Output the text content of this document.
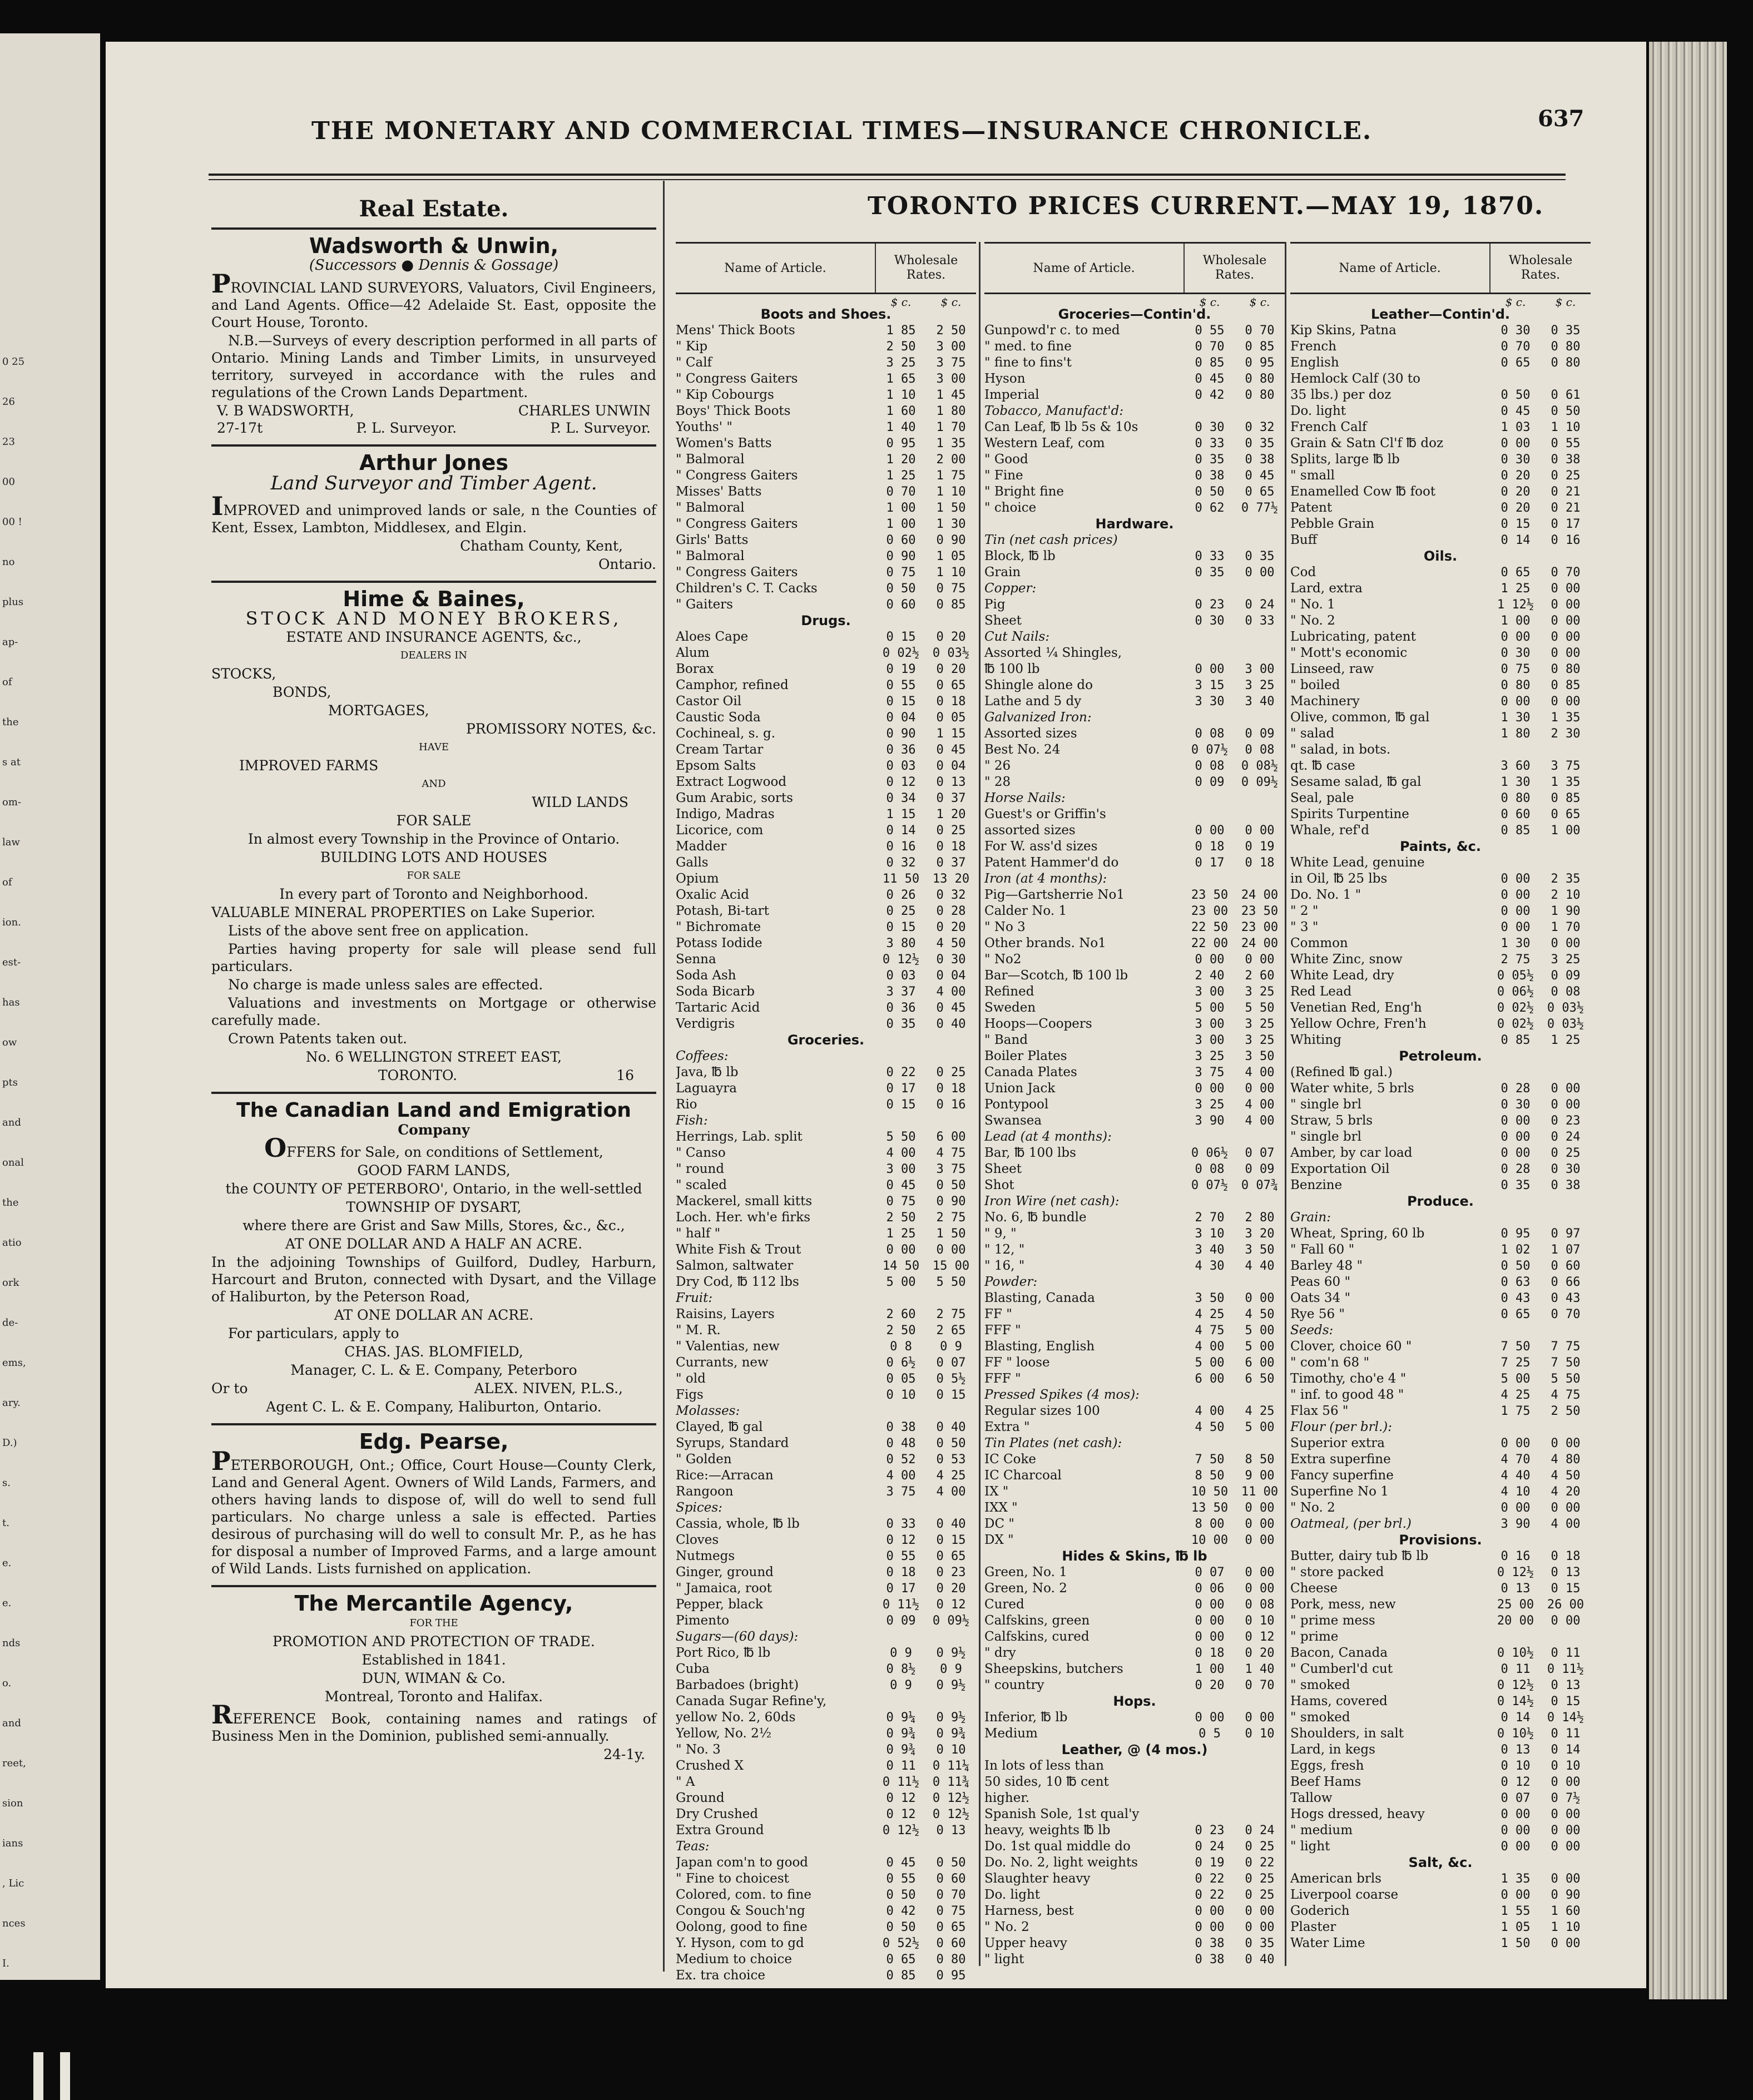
0 25
26
23
00
00 !
no
plus
ap-
of
the
s at
om-
law
of
ion.
est-
has
ow
pts
and
onal
the
atio
ork
de-
ems,
ary.
D.)
s.
t.
e.
e.
nds
o.
and
reet,
sion
ians
, Lic
nces
I.
THE MONETARY AND COMMERCIAL TIMES—INSURANCE CHRONICLE.	637
Real Estate.
Wadsworth & Unwin,
(Successors ● Dennis & Gossage)
PROVINCIAL LAND SURVEYORS, Valuators, Civil Engineers, and Land Agents. Office—42 Adelaide St. East, opposite the Court House, Toronto.
N.B.—Surveys of every description performed in all parts of Ontario. Mining Lands and Timber Limits, in unsurveyed territory, surveyed in accordance with the rules and regulations of the Crown Lands Department.
V. B WADSWORTH,	CHARLES UNWIN
27-17t	P. L. Surveyor.	P. L. Surveyor.
Arthur Jones
Land Surveyor and Timber Agent.
IMPROVED and unimproved lands or sale, n the Counties of Kent, Essex, Lambton, Middlesex, and Elgin.
Chatham County, Kent,
Ontario.
Hime & Baines,
STOCK AND MONEY BROKERS,
ESTATE AND INSURANCE AGENTS, &c.,
DEALERS IN
STOCKS,
BONDS,
MORTGAGES,
PROMISSORY NOTES, &c.
HAVE
IMPROVED FARMS
AND
WILD LANDS
FOR SALE
In almost every Township in the Province of Ontario.
BUILDING LOTS AND HOUSES
FOR SALE
In every part of Toronto and Neighborhood.
VALUABLE MINERAL PROPERTIES on Lake Superior.
Lists of the above sent free on application.
Parties having property for sale will please send full particulars.
No charge is made unless sales are effected.
Valuations and investments on Mortgage or otherwise carefully made.
Crown Patents taken out.
No. 6 WELLINGTON STREET EAST,
TORONTO.	16
The Canadian Land and Emigration
Company
OFFERS for Sale, on conditions of Settlement,
GOOD FARM LANDS,
the COUNTY OF PETERBORO', Ontario, in the well-settled
TOWNSHIP OF DYSART,
where there are Grist and Saw Mills, Stores, &c., &c.,
AT ONE DOLLAR AND A HALF AN ACRE.
In the adjoining Townships of Guilford, Dudley, Harburn, Harcourt and Bruton, connected with Dysart, and the Village of Haliburton, by the Peterson Road,
AT ONE DOLLAR AN ACRE.
For particulars, apply to
CHAS. JAS. BLOMFIELD,
Manager, C. L. & E. Company, Peterboro
Or to	ALEX. NIVEN, P.L.S.,
Agent C. L. & E. Company, Haliburton, Ontario.
Edg. Pearse,
PETERBOROUGH, Ont.; Office, Court House—County Clerk, Land and General Agent. Owners of Wild Lands, Farmers, and others having lands to dispose of, will do well to send full particulars. No charge unless a sale is effected. Parties desirous of purchasing will do well to consult Mr. P., as he has for disposal a number of Improved Farms, and a large amount of Wild Lands. Lists furnished on application.
The Mercantile Agency,
FOR THE
PROMOTION AND PROTECTION OF TRADE.
Established in 1841.
DUN, WIMAN & Co.
Montreal, Toronto and Halifax.
REFERENCE Book, containing names and ratings of Business Men in the Dominion, published semi-annually.
24-1y.
TORONTO PRICES CURRENT.—MAY 19, 1870.
Name of Article.
Wholesale Rates.
$ c.	$ c.
Boots and Shoes.
Mens' Thick Boots	1 85	2 50
" Kip	2 50	3 00
" Calf	3 25	3 75
" Congress Gaiters	1 65	3 00
" Kip Cobourgs	1 10	1 45
Boys' Thick Boots	1 60	1 80
Youths' "	1 40	1 70
Women's Batts	0 95	1 35
" Balmoral	1 20	2 00
" Congress Gaiters	1 25	1 75
Misses' Batts	0 70	1 10
" Balmoral	1 00	1 50
" Congress Gaiters	1 00	1 30
Girls' Batts	0 60	0 90
" Balmoral	0 90	1 05
" Congress Gaiters	0 75	1 10
Children's C. T. Cacks	0 50	0 75
" Gaiters	0 60	0 85
Drugs.
Aloes Cape	0 15	0 20
Alum	0 02½	0 03½
Borax	0 19	0 20
Camphor, refined	0 55	0 65
Castor Oil	0 15	0 18
Caustic Soda	0 04	0 05
Cochineal, s. g.	0 90	1 15
Cream Tartar	0 36	0 45
Epsom Salts	0 03	0 04
Extract Logwood	0 12	0 13
Gum Arabic, sorts	0 34	0 37
Indigo, Madras	1 15	1 20
Licorice, com	0 14	0 25
Madder	0 16	0 18
Galls	0 32	0 37
Opium	11 50	13 20
Oxalic Acid	0 26	0 32
Potash, Bi-tart	0 25	0 28
" Bichromate	0 15	0 20
Potass Iodide	3 80	4 50
Senna	0 12½	0 30
Soda Ash	0 03	0 04
Soda Bicarb	3 37	4 00
Tartaric Acid	0 36	0 45
Verdigris	0 35	0 40
Groceries.
Coffees:
Java, ℔ lb	0 22	0 25
Laguayra	0 17	0 18
Rio	0 15	0 16
Fish:
Herrings, Lab. split	5 50	6 00
" Canso	4 00	4 75
" round	3 00	3 75
" scaled	0 45	0 50
Mackerel, small kitts	0 75	0 90
Loch. Her. wh'e firks	2 50	2 75
" half "	1 25	1 50
White Fish & Trout	0 00	0 00
Salmon, saltwater	14 50	15 00
Dry Cod, ℔ 112 lbs	5 00	5 50
Fruit:
Raisins, Layers	2 60	2 75
" M. R.	2 50	2 65
" Valentias, new	0 8	0 9
Currants, new	0 6½	0 07
" old	0 05	0 5½
Figs	0 10	0 15
Molasses:
Clayed, ℔ gal	0 38	0 40
Syrups, Standard	0 48	0 50
" Golden	0 52	0 53
Rice:—Arracan	4 00	4 25
Rangoon	3 75	4 00
Spices:
Cassia, whole, ℔ lb	0 33	0 40
Cloves	0 12	0 15
Nutmegs	0 55	0 65
Ginger, ground	0 18	0 23
" Jamaica, root	0 17	0 20
Pepper, black	0 11½	0 12
Pimento	0 09	0 09½
Sugars—(60 days):
Port Rico, ℔ lb	0 9	0 9½
Cuba	0 8½	0 9
Barbadoes (bright)	0 9	0 9½
Canada Sugar Refine'y,
yellow No. 2, 60ds	0 9¼	0 9½
Yellow, No. 2½	0 9¾	0 9¾
" No. 3	0 9¾	0 10
Crushed X	0 11	0 11¼
" A	0 11½	0 11¾
Ground	0 12	0 12½
Dry Crushed	0 12	0 12½
Extra Ground	0 12½	0 13
Teas:
Japan com'n to good	0 45	0 50
" Fine to choicest	0 55	0 60
Colored, com. to fine	0 50	0 70
Congou & Souch'ng	0 42	0 75
Oolong, good to fine	0 50	0 65
Y. Hyson, com to gd	0 52½	0 60
Medium to choice	0 65	0 80
Ex. tra choice	0 85	0 95
Name of Article.
Wholesale Rates.
$ c.	$ c.
Groceries—Contin'd.
Gunpowd'r c. to med	0 55	0 70
" med. to fine	0 70	0 85
" fine to fins't	0 85	0 95
Hyson	0 45	0 80
Imperial	0 42	0 80
Tobacco, Manufact'd:
Can Leaf, ℔ lb 5s & 10s	0 30	0 32
Western Leaf, com	0 33	0 35
" Good	0 35	0 38
" Fine	0 38	0 45
" Bright fine	0 50	0 65
" choice	0 62	0 77½
Hardware.
Tin (net cash prices)
Block, ℔ lb	0 33	0 35
Grain	0 35	0 00
Copper:
Pig	0 23	0 24
Sheet	0 30	0 33
Cut Nails:
Assorted ¼ Shingles,
℔ 100 lb	0 00	3 00
Shingle alone do	3 15	3 25
Lathe and 5 dy	3 30	3 40
Galvanized Iron:
Assorted sizes	0 08	0 09
Best No. 24	0 07½	0 08
" 26	0 08	0 08½
" 28	0 09	0 09½
Horse Nails:
Guest's or Griffin's
assorted sizes	0 00	0 00
For W. ass'd sizes	0 18	0 19
Patent Hammer'd do	0 17	0 18
Iron (at 4 months):
Pig—Gartsherrie No1	23 50	24 00
Calder No. 1	23 00	23 50
" No 3	22 50	23 00
Other brands. No1	22 00	24 00
" No2	0 00	0 00
Bar—Scotch, ℔ 100 lb	2 40	2 60
Refined	3 00	3 25
Sweden	5 00	5 50
Hoops—Coopers	3 00	3 25
" Band	3 00	3 25
Boiler Plates	3 25	3 50
Canada Plates	3 75	4 00
Union Jack	0 00	0 00
Pontypool	3 25	4 00
Swansea	3 90	4 00
Lead (at 4 months):
Bar, ℔ 100 lbs	0 06½	0 07
Sheet	0 08	0 09
Shot	0 07½	0 07¾
Iron Wire (net cash):
No. 6, ℔ bundle	2 70	2 80
" 9, "	3 10	3 20
" 12, "	3 40	3 50
" 16, "	4 30	4 40
Powder:
Blasting, Canada	3 50	0 00
FF "	4 25	4 50
FFF "	4 75	5 00
Blasting, English	4 00	5 00
FF " loose	5 00	6 00
FFF "	6 00	6 50
Pressed Spikes (4 mos):
Regular sizes 100	4 00	4 25
Extra "	4 50	5 00
Tin Plates (net cash):
IC Coke	7 50	8 50
IC Charcoal	8 50	9 00
IX "	10 50	11 00
IXX "	13 50	0 00
DC "	8 00	0 00
DX "	10 00	0 00
Hides & Skins, ℔ lb
Green, No. 1	0 07	0 00
Green, No. 2	0 06	0 00
Cured	0 00	0 08
Calfskins, green	0 00	0 10
Calfskins, cured	0 00	0 12
" dry	0 18	0 20
Sheepskins, butchers	1 00	1 40
" country	0 20	0 70
Hops.
Inferior, ℔ lb	0 00	0 00
Medium	0 5	0 10
Leather, @ (4 mos.)
In lots of less than
50 sides, 10 ℔ cent
higher.
Spanish Sole, 1st qual'y
heavy, weights ℔ lb	0 23	0 24
Do. 1st qual middle do	0 24	0 25
Do. No. 2, light weights	0 19	0 22
Slaughter heavy	0 22	0 25
Do. light	0 22	0 25
Harness, best	0 00	0 00
" No. 2	0 00	0 00
Upper heavy	0 38	0 35
" light	0 38	0 40
Name of Article.
Wholesale Rates.
$ c.	$ c.
Leather—Contin'd.
Kip Skins, Patna	0 30	0 35
French	0 70	0 80
English	0 65	0 80
Hemlock Calf (30 to
35 lbs.) per doz	0 50	0 61
Do. light	0 45	0 50
French Calf	1 03	1 10
Grain & Satn Cl'f ℔ doz	0 00	0 55
Splits, large ℔ lb	0 30	0 38
" small	0 20	0 25
Enamelled Cow ℔ foot	0 20	0 21
Patent	0 20	0 21
Pebble Grain	0 15	0 17
Buff	0 14	0 16
Oils.
Cod	0 65	0 70
Lard, extra	1 25	0 00
" No. 1	1 12½	0 00
" No. 2	1 00	0 00
Lubricating, patent	0 00	0 00
" Mott's economic	0 30	0 00
Linseed, raw	0 75	0 80
" boiled	0 80	0 85
Machinery	0 00	0 00
Olive, common, ℔ gal	1 30	1 35
" salad	1 80	2 30
" salad, in bots.
qt. ℔ case	3 60	3 75
Sesame salad, ℔ gal	1 30	1 35
Seal, pale	0 80	0 85
Spirits Turpentine	0 60	0 65
Whale, ref'd	0 85	1 00
Paints, &c.
White Lead, genuine
in Oil, ℔ 25 lbs	0 00	2 35
Do. No. 1 "	0 00	2 10
" 2 "	0 00	1 90
" 3 "	0 00	1 70
Common	1 30	0 00
White Zinc, snow	2 75	3 25
White Lead, dry	0 05½	0 09
Red Lead	0 06½	0 08
Venetian Red, Eng'h	0 02½	0 03½
Yellow Ochre, Fren'h	0 02½	0 03½
Whiting	0 85	1 25
Petroleum.
(Refined ℔ gal.)
Water white, 5 brls	0 28	0 00
" single brl	0 30	0 00
Straw, 5 brls	0 00	0 23
" single brl	0 00	0 24
Amber, by car load	0 00	0 25
Exportation Oil	0 28	0 30
Benzine	0 35	0 38
Produce.
Grain:
Wheat, Spring, 60 lb	0 95	0 97
" Fall 60 "	1 02	1 07
Barley 48 "	0 50	0 60
Peas 60 "	0 63	0 66
Oats 34 "	0 43	0 43
Rye 56 "	0 65	0 70
Seeds:
Clover, choice 60 "	7 50	7 75
" com'n 68 "	7 25	7 50
Timothy, cho'e 4 "	5 00	5 50
" inf. to good 48 "	4 25	4 75
Flax 56 "	1 75	2 50
Flour (per brl.):
Superior extra	0 00	0 00
Extra superfine	4 70	4 80
Fancy superfine	4 40	4 50
Superfine No 1	4 10	4 20
" No. 2	0 00	0 00
Oatmeal, (per brl.)	3 90	4 00
Provisions.
Butter, dairy tub ℔ lb	0 16	0 18
" store packed	0 12½	0 13
Cheese	0 13	0 15
Pork, mess, new	25 00	26 00
" prime mess	20 00	0 00
" prime
Bacon, Canada	0 10½	0 11
" Cumberl'd cut	0 11	0 11½
" smoked	0 12½	0 13
Hams, covered	0 14½	0 15
" smoked	0 14	0 14½
Shoulders, in salt	0 10½	0 11
Lard, in kegs	0 13	0 14
Eggs, fresh	0 10	0 10
Beef Hams	0 12	0 00
Tallow	0 07	0 7½
Hogs dressed, heavy	0 00	0 00
" medium	0 00	0 00
" light	0 00	0 00
Salt, &c.
American brls	1 35	0 00
Liverpool coarse	0 00	0 90
Goderich	1 55	1 60
Plaster	1 05	1 10
Water Lime	1 50	0 00
